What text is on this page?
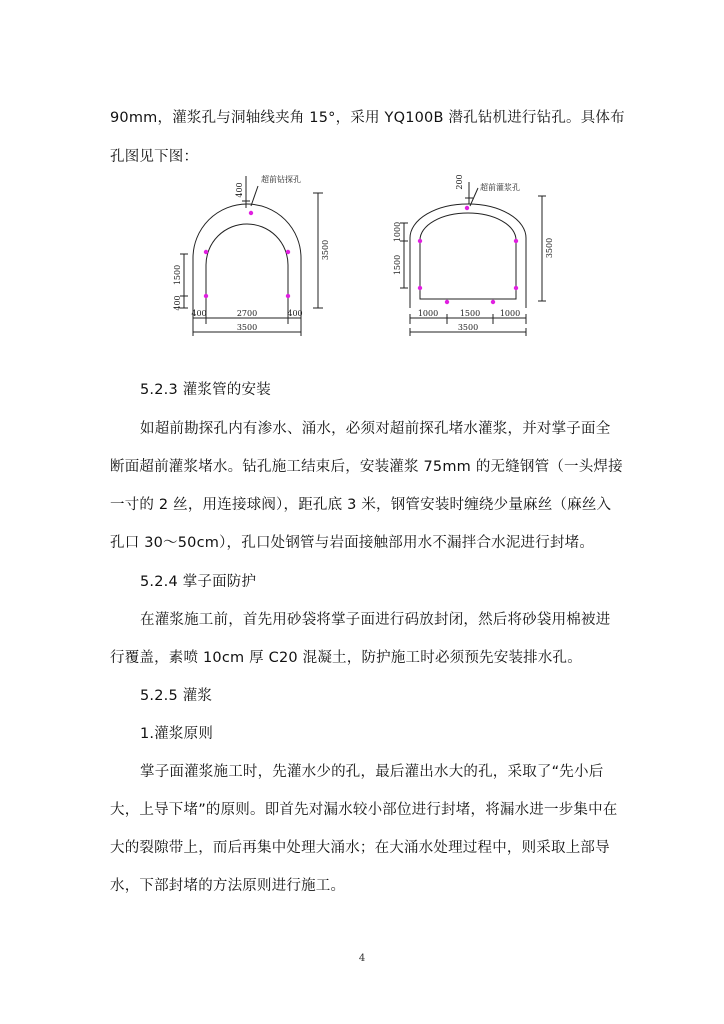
90mm，灌浆孔与洞轴线夹角 15°，采用 YQ100B 潜孔钻机进行钻孔。具体布
孔图见下图：
超前钻探孔
400
3500
1500
400
400	2700	400
3500
超前灌浆孔
200
3500
1000
1500
1000	1500 1000
3500
5.2.3 灌浆管的安装
如超前勘探孔内有渗水、涌水，必须对超前探孔堵水灌浆，并对掌子面全
断面超前灌浆堵水。钻孔施工结束后，安装灌浆 75mm 的无缝钢管（一头焊接
一寸的 2 丝，用连接球阀），距孔底 3 米，钢管安装时缠绕少量麻丝（麻丝入
孔口 30～50cm），孔口处钢管与岩面接触部用水不漏拌合水泥进行封堵。
5.2.4 掌子面防护
在灌浆施工前，首先用砂袋将掌子面进行码放封闭，然后将砂袋用棉被进
行覆盖，素喷 10cm 厚 C20 混凝土，防护施工时必须预先安装排水孔。
5.2.5 灌浆
1.灌浆原则
掌子面灌浆施工时，先灌水少的孔，最后灌出水大的孔，采取了“先小后
大，上导下堵”的原则。即首先对漏水较小部位进行封堵，将漏水进一步集中在
大的裂隙带上，而后再集中处理大涌水；在大涌水处理过程中，则采取上部导
水，下部封堵的方法原则进行施工。
4
